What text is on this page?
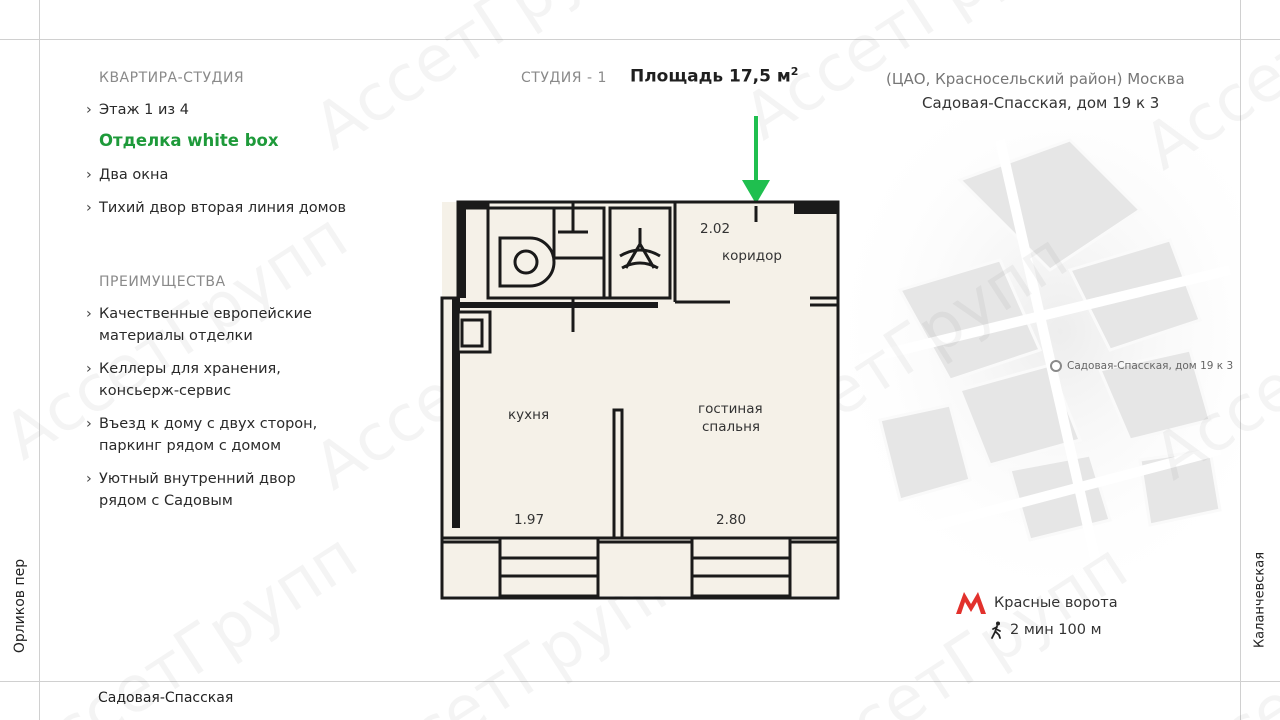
Орликов пер	Каланчевская
Садовая-Спасская
КВАРТИРА-СТУДИЯ
› Этаж 1 из 4
Отделка white box
› Два окна
› Тихий двор вторая линия домов
ПРЕИМУЩЕСТВА
› Качественные европейские материалы отделки
› Келлеры для хранения, консьерж-сервис
› Въезд к дому с двух сторон, паркинг рядом с домом
› Уютный внутренний двор рядом с Садовым
СТУДИЯ - 1 Площадь 17,5 $м^2$	(ЦАО, Красносельский район) Москва
Садовая-Спасская, дом 19 к 3
2.02
коридор
кухня	гостиная
спальня
1.97	2.80
Садовая-Спасская, дом 19 к 3
Красные ворота
2 мин 100 м
